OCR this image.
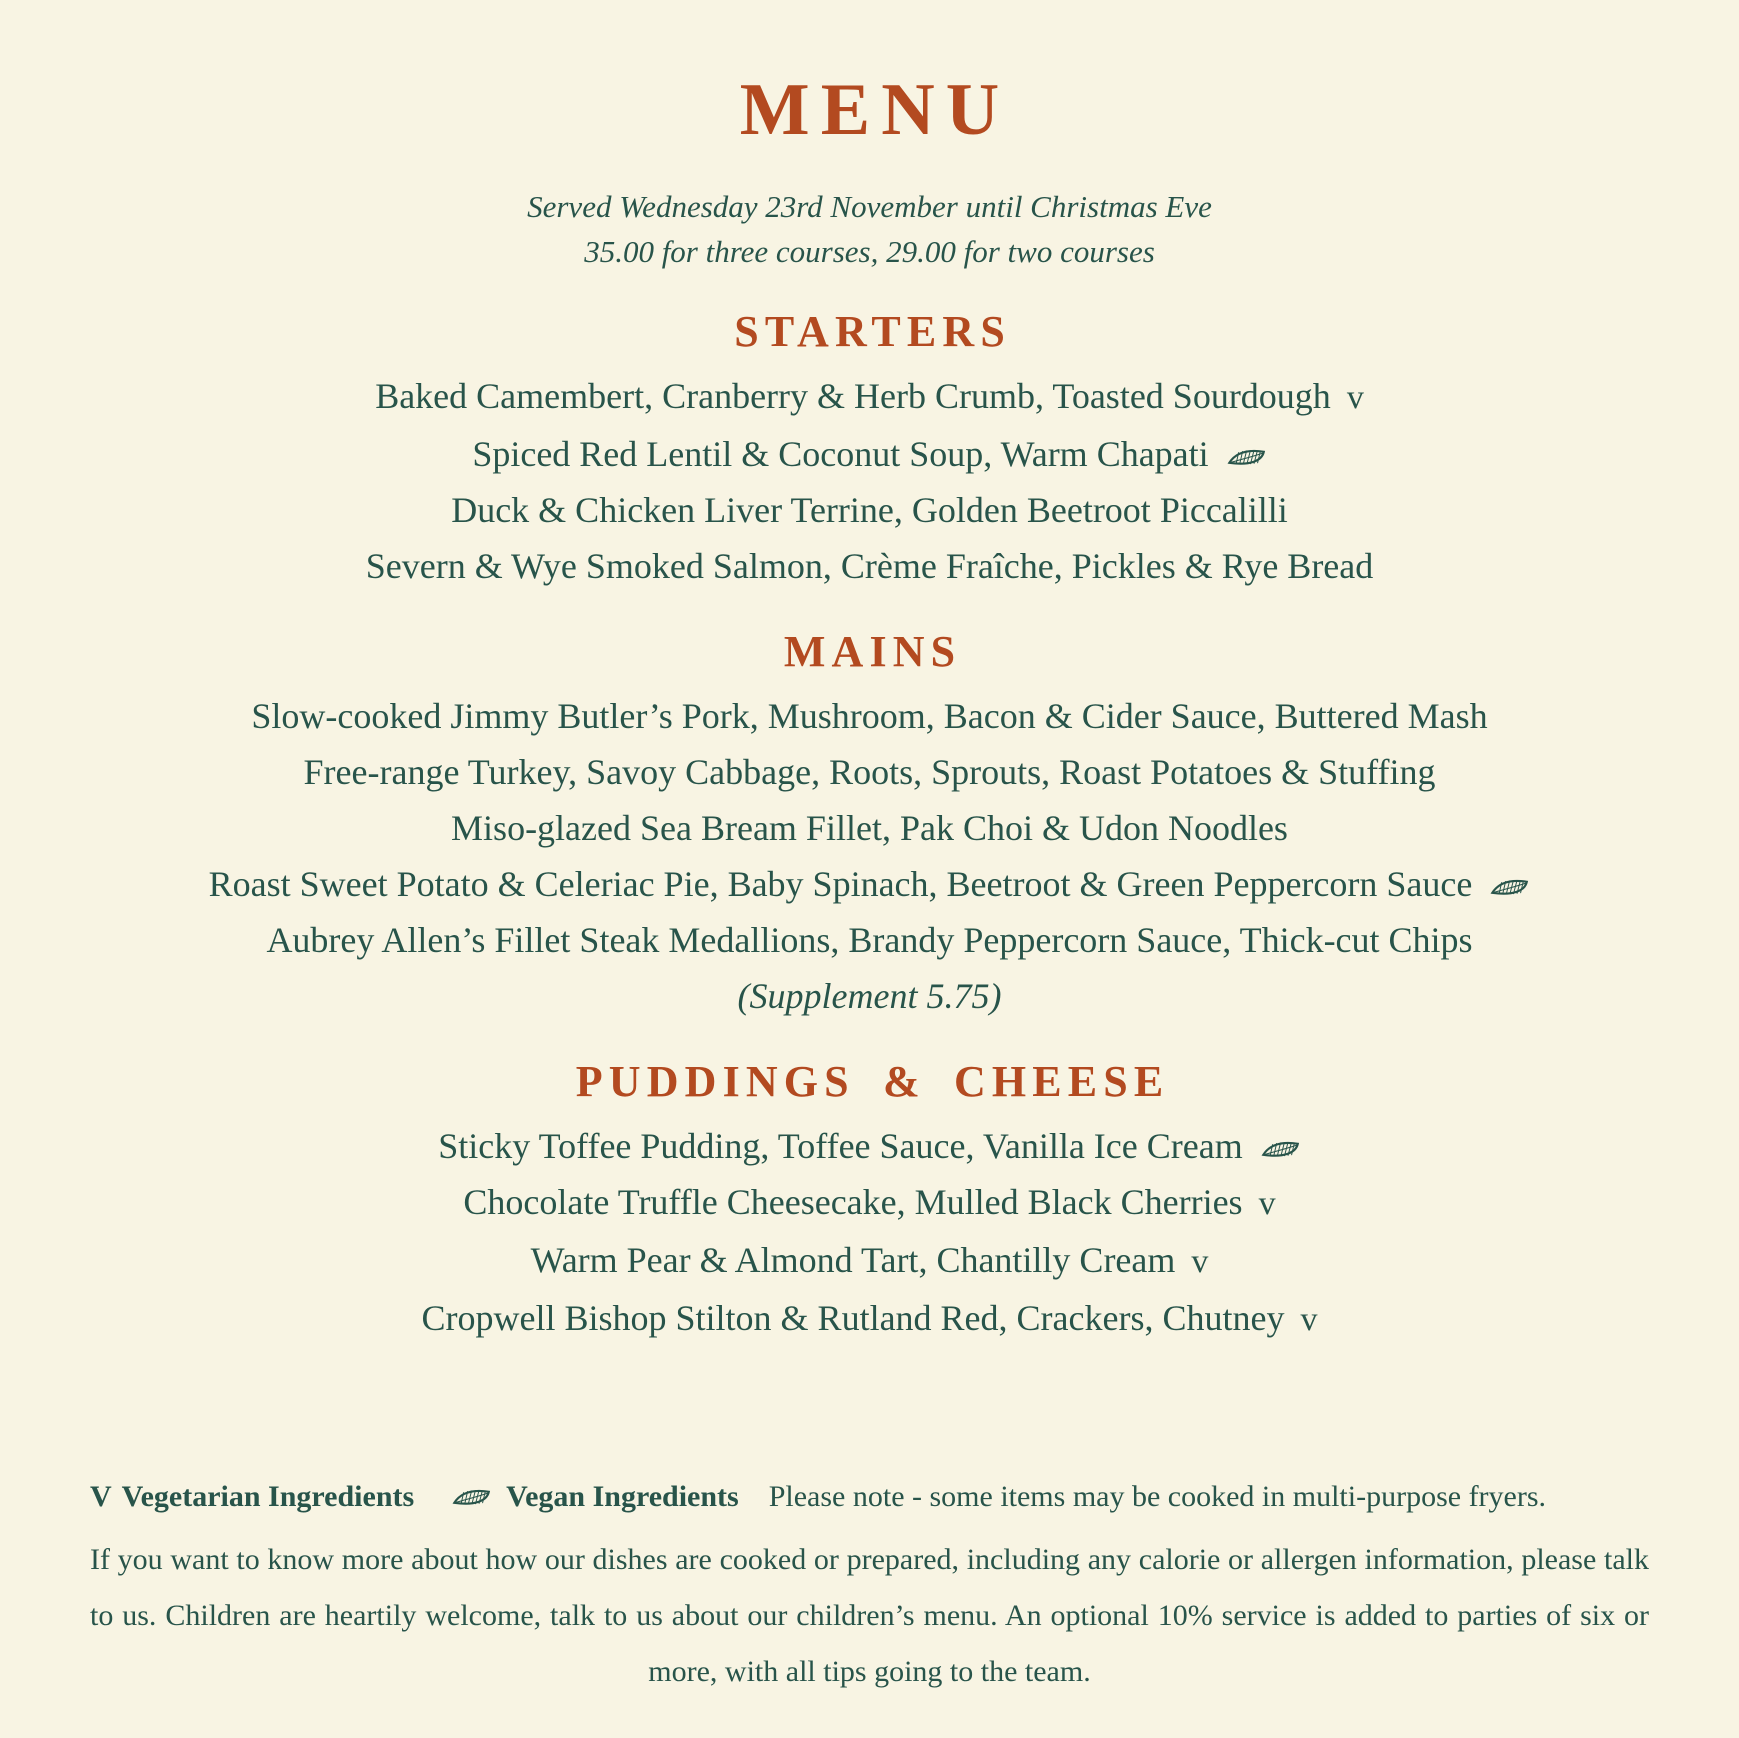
MENU
Served Wednesday 23rd November until Christmas Eve
35.00 for three courses, 29.00 for two courses
STARTERS
Baked Camembert, Cranberry & Herb Crumb, Toasted Sourdough v
Spiced Red Lentil & Coconut Soup, Warm Chapati
Duck & Chicken Liver Terrine, Golden Beetroot Piccalilli
Severn & Wye Smoked Salmon, Crème Fraîche, Pickles & Rye Bread
MAINS
Slow-cooked Jimmy Butler’s Pork, Mushroom, Bacon & Cider Sauce, Buttered Mash
Free-range Turkey, Savoy Cabbage, Roots, Sprouts, Roast Potatoes & Stuffing
Miso-glazed Sea Bream Fillet, Pak Choi & Udon Noodles
Roast Sweet Potato & Celeriac Pie, Baby Spinach, Beetroot & Green Peppercorn Sauce
Aubrey Allen’s Fillet Steak Medallions, Brandy Peppercorn Sauce, Thick-cut Chips
(Supplement 5.75)
PUDDINGS & CHEESE
Sticky Toffee Pudding, Toffee Sauce, Vanilla Ice Cream
Chocolate Truffle Cheesecake, Mulled Black Cherries v
Warm Pear & Almond Tart, Chantilly Cream v
Cropwell Bishop Stilton & Rutland Red, Crackers, Chutney v
V Vegetarian Ingredients	Vegan Ingredients Please note - some items may be cooked in multi-purpose fryers.

If you want to know more about how our dishes are cooked or prepared, including any calorie or allergen information, please talk to us. Children are heartily welcome, talk to us about our children’s menu. An optional 10% service is added to parties of six or more, with all tips going to the team.
